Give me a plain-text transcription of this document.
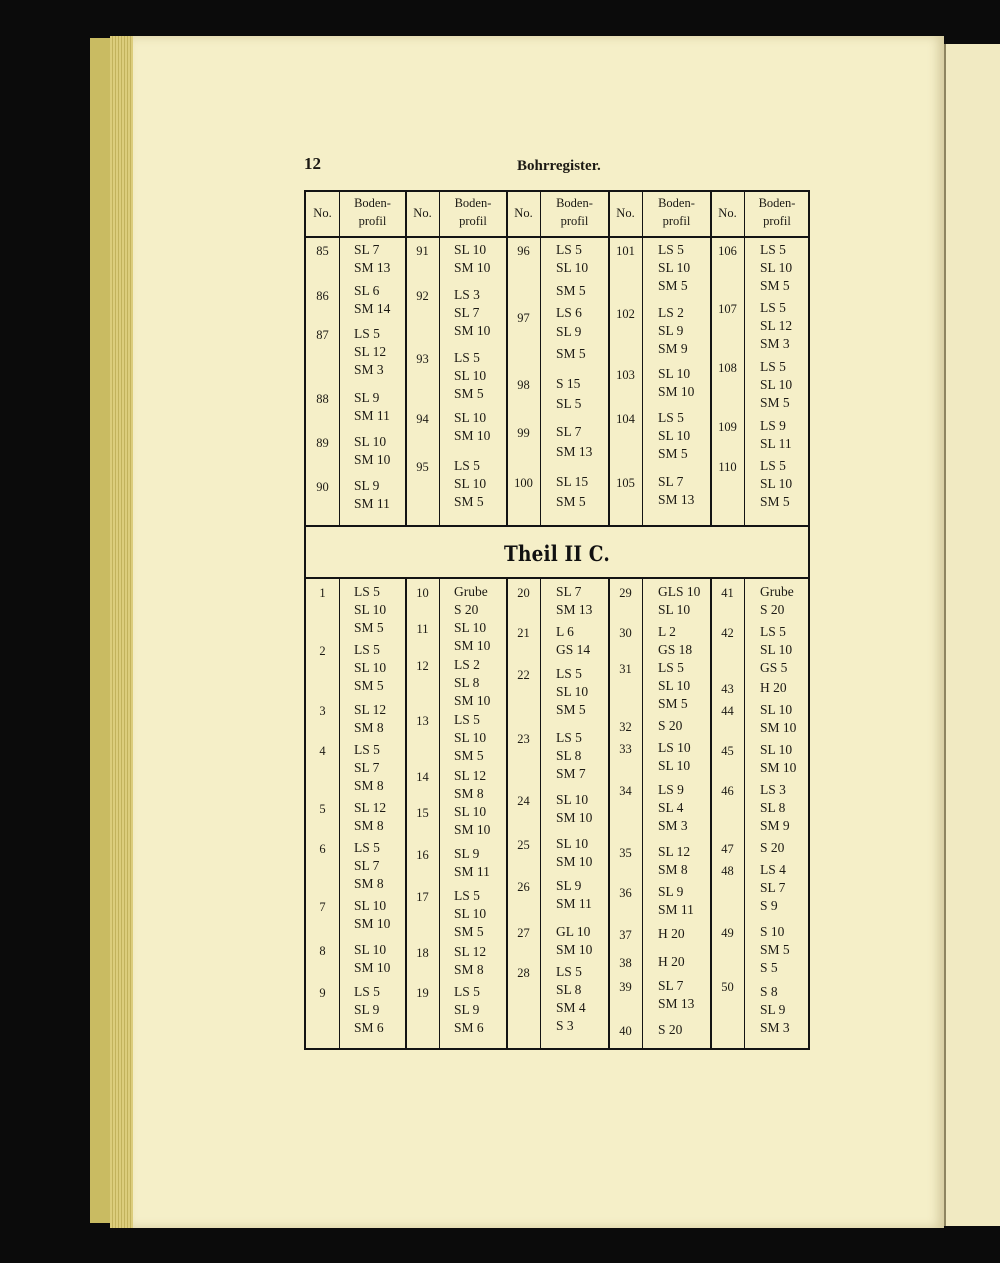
12	Bohrregister.
Theil II C.
No.
Boden-
profil
No.
Boden-
profil
No.
Boden-
profil
No.
Boden-
profil
No.
Boden-
profil
85
86
87
88
89
90
SL 7
SM 13
SL 6
SM 14
LS 5
SL 12
SM 3
SL 9
SM 11
SL 10
SM 10
SL 9
SM 11
91
92
93
94
95
SL 10
SM 10
LS 3
SL 7
SM 10
LS 5
SL 10
SM 5
SL 10
SM 10
LS 5
SL 10
SM 5
96
97
98
99
100
LS 5
SL 10
SM 5
LS 6
SL 9
SM 5
S 15
SL 5
SL 7
SM 13
SL 15
SM 5
101
102
103
104
105
LS 5
SL 10
SM 5
LS 2
SL 9
SM 9
SL 10
SM 10
LS 5
SL 10
SM 5
SL 7
SM 13
106
107
108
109
110
LS 5
SL 10
SM 5
LS 5
SL 12
SM 3
LS 5
SL 10
SM 5
LS 9
SL 11
LS 5
SL 10
SM 5
1
2
3
4
5
6
7
8
9
LS 5
SL 10
SM 5
LS 5
SL 10
SM 5
SL 12
SM 8
LS 5
SL 7
SM 8
SL 12
SM 8
LS 5
SL 7
SM 8
SL 10
SM 10
SL 10
SM 10
LS 5
SL 9
SM 6
10
11
12
13
14
15
16
17
18
19
Grube
S 20
SL 10
SM 10
LS 2
SL 8
SM 10
LS 5
SL 10
SM 5
SL 12
SM 8
SL 10
SM 10
SL 9
SM 11
LS 5
SL 10
SM 5
SL 12
SM 8
LS 5
SL 9
SM 6
20
21
22
23
24
25
26
27
28
SL 7
SM 13
L 6
GS 14
LS 5
SL 10
SM 5
LS 5
SL 8
SM 7
SL 10
SM 10
SL 10
SM 10
SL 9
SM 11
GL 10
SM 10
LS 5
SL 8
SM 4
S 3
29
30
31
32
33
34
35
36
37
38
39
40
GLS 10
SL 10
L 2
GS 18
LS 5
SL 10
SM 5
S 20
LS 10
SL 10
LS 9
SL 4
SM 3
SL 12
SM 8
SL 9
SM 11
H 20
H 20
SL 7
SM 13
S 20
41
42
43
44
45
46
47
48
49
50
Grube
S 20
LS 5
SL 10
GS 5
H 20
SL 10
SM 10
SL 10
SM 10
LS 3
SL 8
SM 9
S 20
LS 4
SL 7
S 9
S 10
SM 5
S 5
S 8
SL 9
SM 3
